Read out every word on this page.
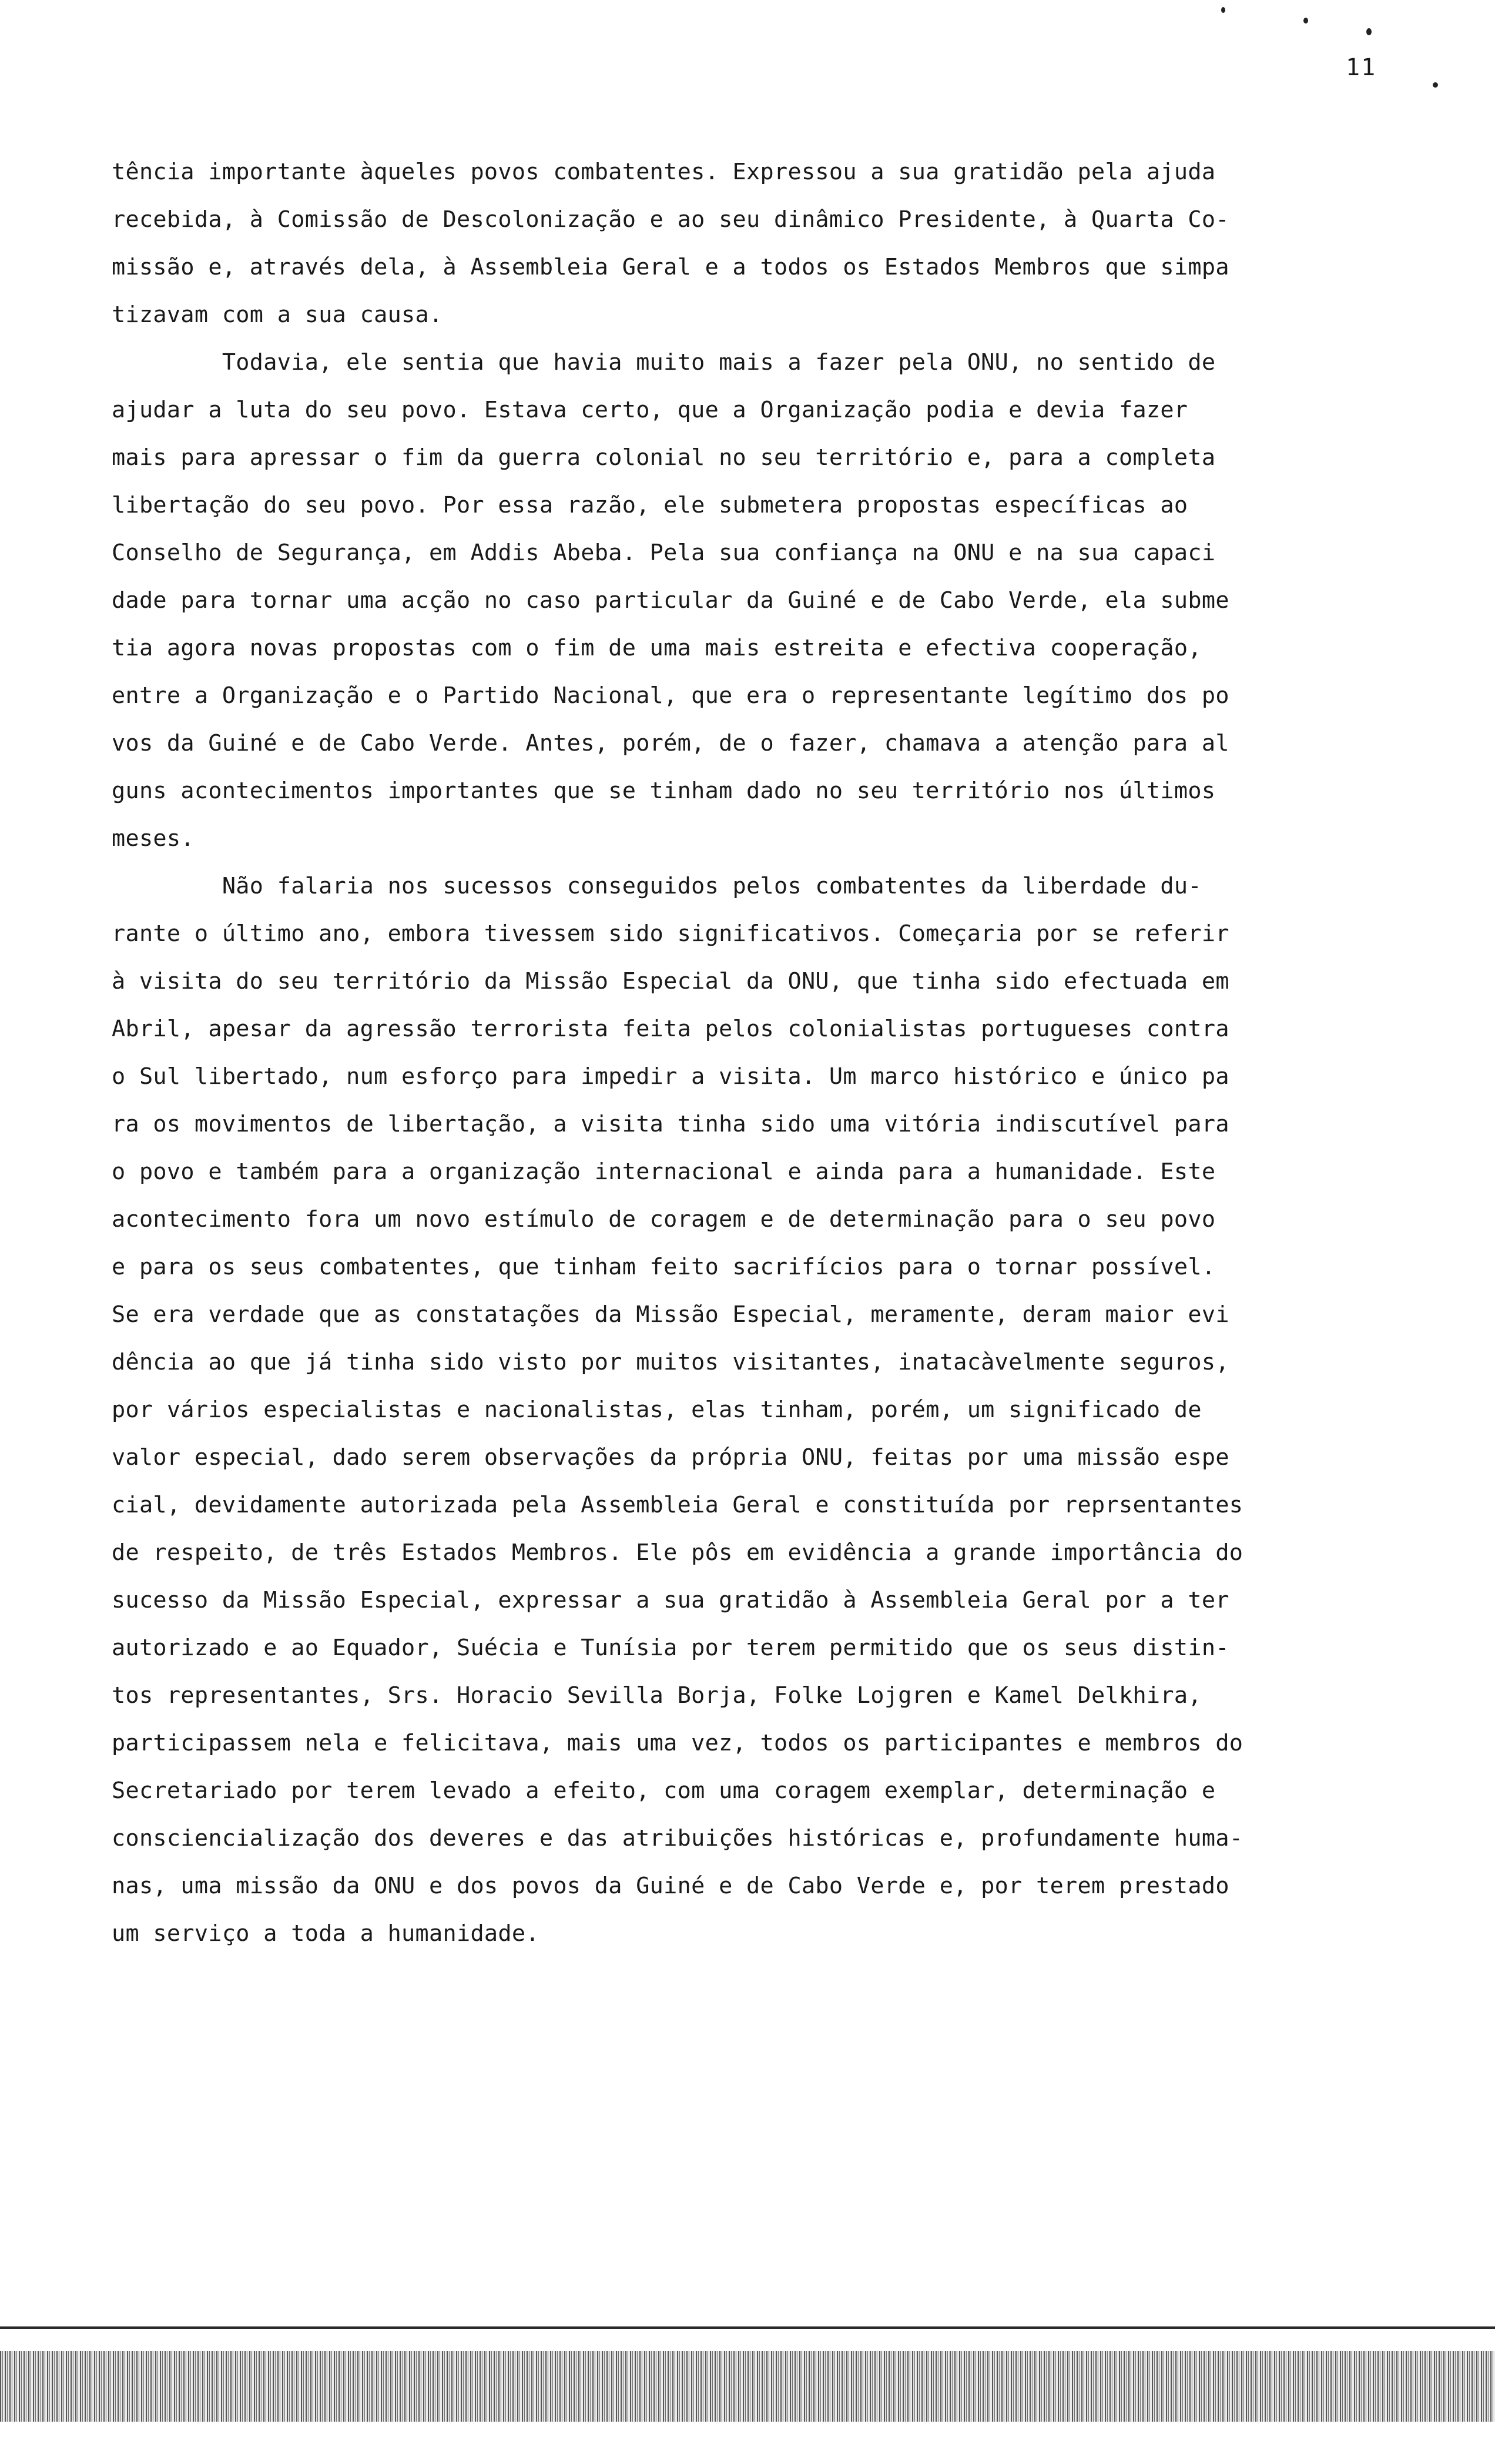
11
tência importante àqueles povos combatentes. Expressou a sua gratidão pela ajuda
recebida, à Comissão de Descolonização e ao seu dinâmico Presidente, à Quarta Co-
missão e, através dela, à Assembleia Geral e a todos os Estados Membros que simpa
tizavam com a sua causa.
Todavia, ele sentia que havia muito mais a fazer pela ONU, no sentido de
ajudar a luta do seu povo. Estava certo, que a Organização podia e devia fazer
mais para apressar o fim da guerra colonial no seu território e, para a completa
libertação do seu povo. Por essa razão, ele submetera propostas específicas ao
Conselho de Segurança, em Addis Abeba. Pela sua confiança na ONU e na sua capaci
dade para tornar uma acção no caso particular da Guiné e de Cabo Verde, ela subme
tia agora novas propostas com o fim de uma mais estreita e efectiva cooperação,
entre a Organização e o Partido Nacional, que era o representante legítimo dos po
vos da Guiné e de Cabo Verde. Antes, porém, de o fazer, chamava a atenção para al
guns acontecimentos importantes que se tinham dado no seu território nos últimos
meses.
Não falaria nos sucessos conseguidos pelos combatentes da liberdade du-
rante o último ano, embora tivessem sido significativos. Começaria por se referir
à visita do seu território da Missão Especial da ONU, que tinha sido efectuada em
Abril, apesar da agressão terrorista feita pelos colonialistas portugueses contra
o Sul libertado, num esforço para impedir a visita. Um marco histórico e único pa
ra os movimentos de libertação, a visita tinha sido uma vitória indiscutível para
o povo e também para a organização internacional e ainda para a humanidade. Este
acontecimento fora um novo estímulo de coragem e de determinação para o seu povo
e para os seus combatentes, que tinham feito sacrifícios para o tornar possível.
Se era verdade que as constatações da Missão Especial, meramente, deram maior evi
dência ao que já tinha sido visto por muitos visitantes, inatacàvelmente seguros,
por vários especialistas e nacionalistas, elas tinham, porém, um significado de
valor especial, dado serem observações da própria ONU, feitas por uma missão espe
cial, devidamente autorizada pela Assembleia Geral e constituída por reprsentantes
de respeito, de três Estados Membros. Ele pôs em evidência a grande importância do
sucesso da Missão Especial, expressar a sua gratidão à Assembleia Geral por a ter
autorizado e ao Equador, Suécia e Tunísia por terem permitido que os seus distin-
tos representantes, Srs. Horacio Sevilla Borja, Folke Lojgren e Kamel Delkhira,
participassem nela e felicitava, mais uma vez, todos os participantes e membros do
Secretariado por terem levado a efeito, com uma coragem exemplar, determinação e
consciencialização dos deveres e das atribuições históricas e, profundamente huma-
nas, uma missão da ONU e dos povos da Guiné e de Cabo Verde e, por terem prestado
um serviço a toda a humanidade.
